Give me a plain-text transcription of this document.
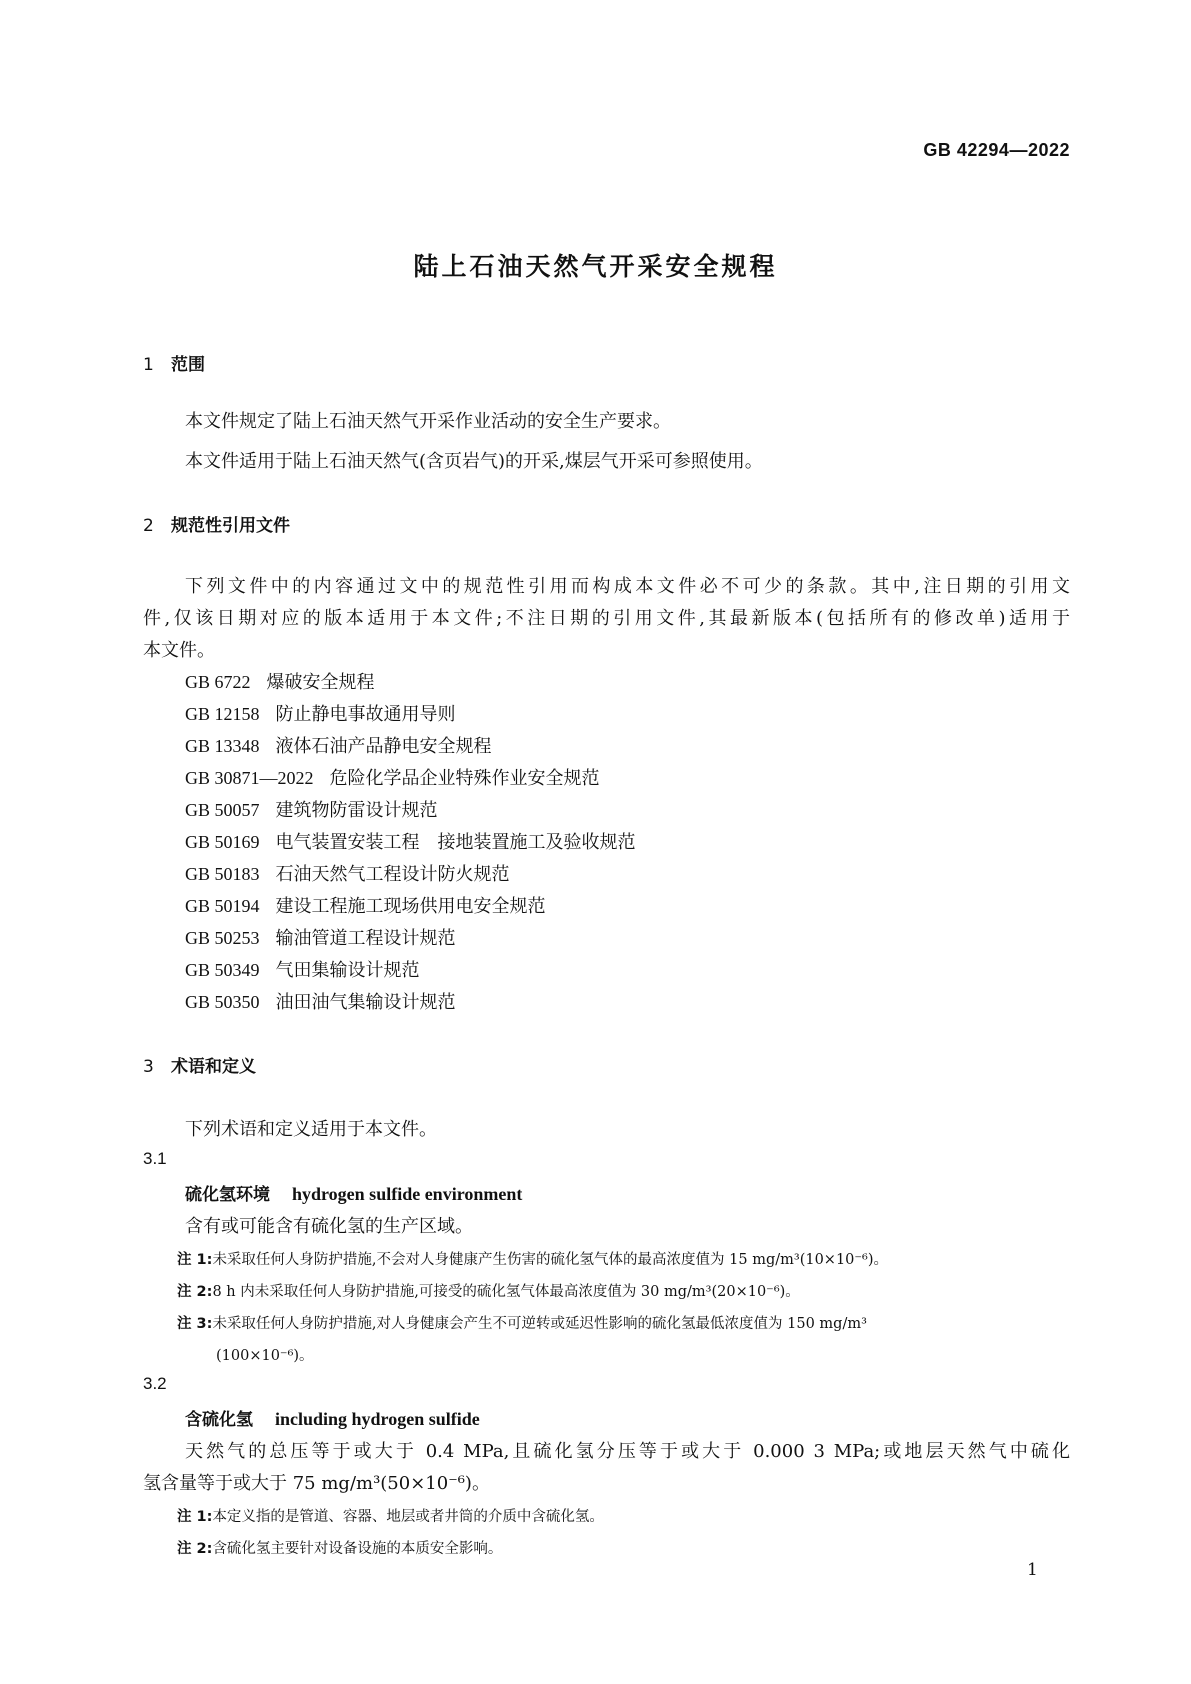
GB 42294—2022
陆上石油天然气开采安全规程
1 范围
本文件规定了陆上石油天然气开采作业活动的安全生产要求。
本文件适用于陆上石油天然气(含页岩气)的开采,煤层气开采可参照使用。
2 规范性引用文件
下列文件中的内容通过文中的规范性引用而构成本文件必不可少的条款。其中,注日期的引用文
件,仅该日期对应的版本适用于本文件;不注日期的引用文件,其最新版本(包括所有的修改单)适用于
本文件。
GB 6722 爆破安全规程
GB 12158 防止静电事故通用导则
GB 13348 液体石油产品静电安全规程
GB 30871—2022 危险化学品企业特殊作业安全规范
GB 50057 建筑物防雷设计规范
GB 50169 电气装置安装工程　接地装置施工及验收规范
GB 50183 石油天然气工程设计防火规范
GB 50194 建设工程施工现场供用电安全规范
GB 50253 输油管道工程设计规范
GB 50349 气田集输设计规范
GB 50350 油田油气集输设计规范
3 术语和定义
下列术语和定义适用于本文件。
3.1
硫化氢环境 hydrogen sulfide environment
含有或可能含有硫化氢的生产区域。
注 1:未采取任何人身防护措施,不会对人身健康产生伤害的硫化氢气体的最高浓度值为 15 mg/m³(10×10⁻⁶)。
注 2:8 h 内未采取任何人身防护措施,可接受的硫化氢气体最高浓度值为 30 mg/m³(20×10⁻⁶)。
注 3:未采取任何人身防护措施,对人身健康会产生不可逆转或延迟性影响的硫化氢最低浓度值为 150 mg/m³
(100×10⁻⁶)。
3.2
含硫化氢 including hydrogen sulfide
天然气的总压等于或大于 0.4 MPa,且硫化氢分压等于或大于 0.000 3 MPa;或地层天然气中硫化
氢含量等于或大于 75 mg/m³(50×10⁻⁶)。
注 1:本定义指的是管道、容器、地层或者井筒的介质中含硫化氢。
注 2:含硫化氢主要针对设备设施的本质安全影响。
1
